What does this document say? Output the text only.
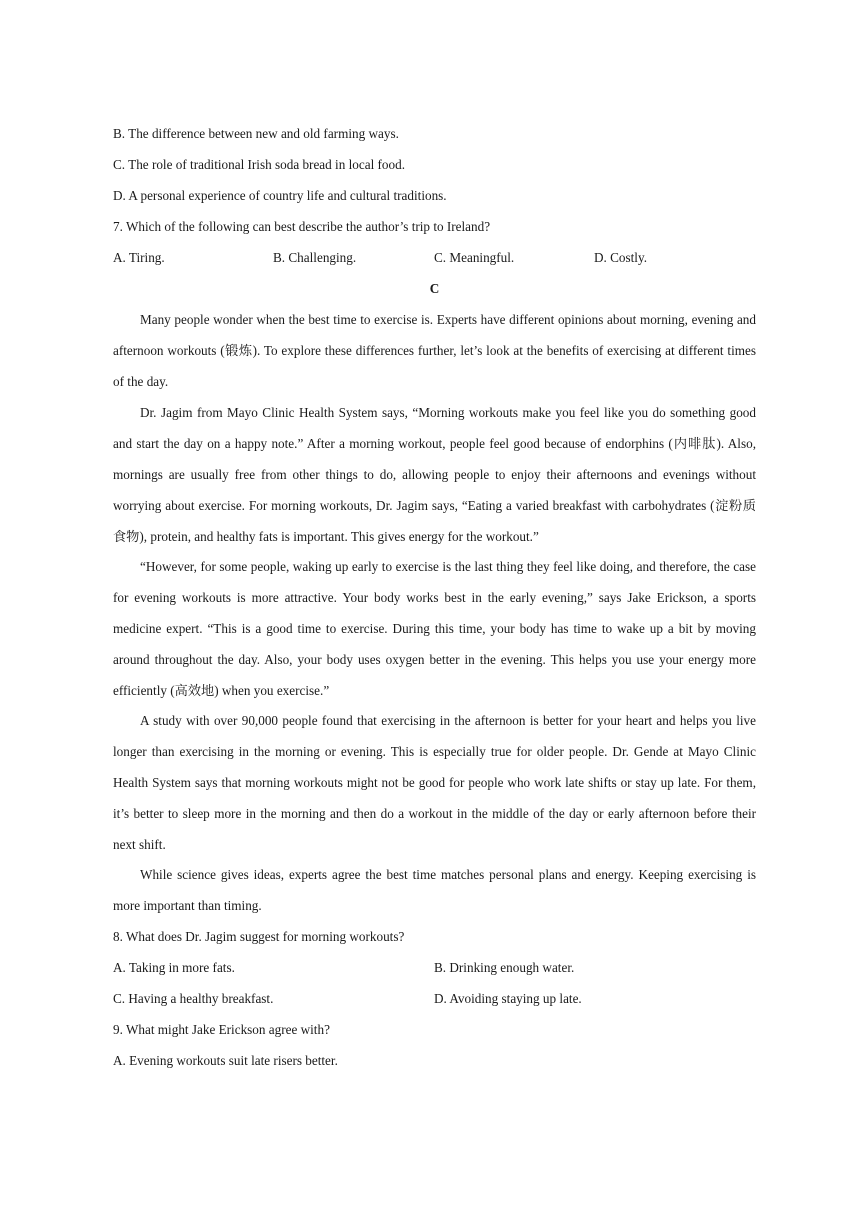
B. The difference between new and old farming ways.
C. The role of traditional Irish soda bread in local food.
D. A personal experience of country life and cultural traditions.
7. Which of the following can best describe the author’s trip to Ireland?
A. Tiring.	B. Challenging.	C. Meaningful.	D. Costly.
C

Many people wonder when the best time to exercise is. Experts have different opinions about morning, evening and afternoon workouts (锻炼). To explore these differences further, let’s look at the benefits of exercising at different times of the day.

Dr. Jagim from Mayo Clinic Health System says, “Morning workouts make you feel like you do something good and start the day on a happy note.” After a morning workout, people feel good because of endorphins (内啡肽). Also, mornings are usually free from other things to do, allowing people to enjoy their afternoons and evenings without worrying about exercise. For morning workouts, Dr. Jagim says, “Eating a varied breakfast with carbohydrates (淀粉质食物), protein, and healthy fats is important. This gives energy for the workout.”

“However, for some people, waking up early to exercise is the last thing they feel like doing, and therefore, the case for evening workouts is more attractive. Your body works best in the early evening,” says Jake Erickson, a sports medicine expert. “This is a good time to exercise. During this time, your body has time to wake up a bit by moving around throughout the day. Also, your body uses oxygen better in the evening. This helps you use your energy more efficiently (高效地) when you exercise.”

A study with over 90,000 people found that exercising in the afternoon is better for your heart and helps you live longer than exercising in the morning or evening. This is especially true for older people. Dr. Gende at Mayo Clinic Health System says that morning workouts might not be good for people who work late shifts or stay up late. For them, it’s better to sleep more in the morning and then do a workout in the middle of the day or early afternoon before their next shift.

While science gives ideas, experts agree the best time matches personal plans and energy. Keeping exercising is more important than timing.

8. What does Dr. Jagim suggest for morning workouts?
A. Taking in more fats.	B. Drinking enough water.
C. Having a healthy breakfast.	D. Avoiding staying up late.
9. What might Jake Erickson agree with?
A. Evening workouts suit late risers better.
